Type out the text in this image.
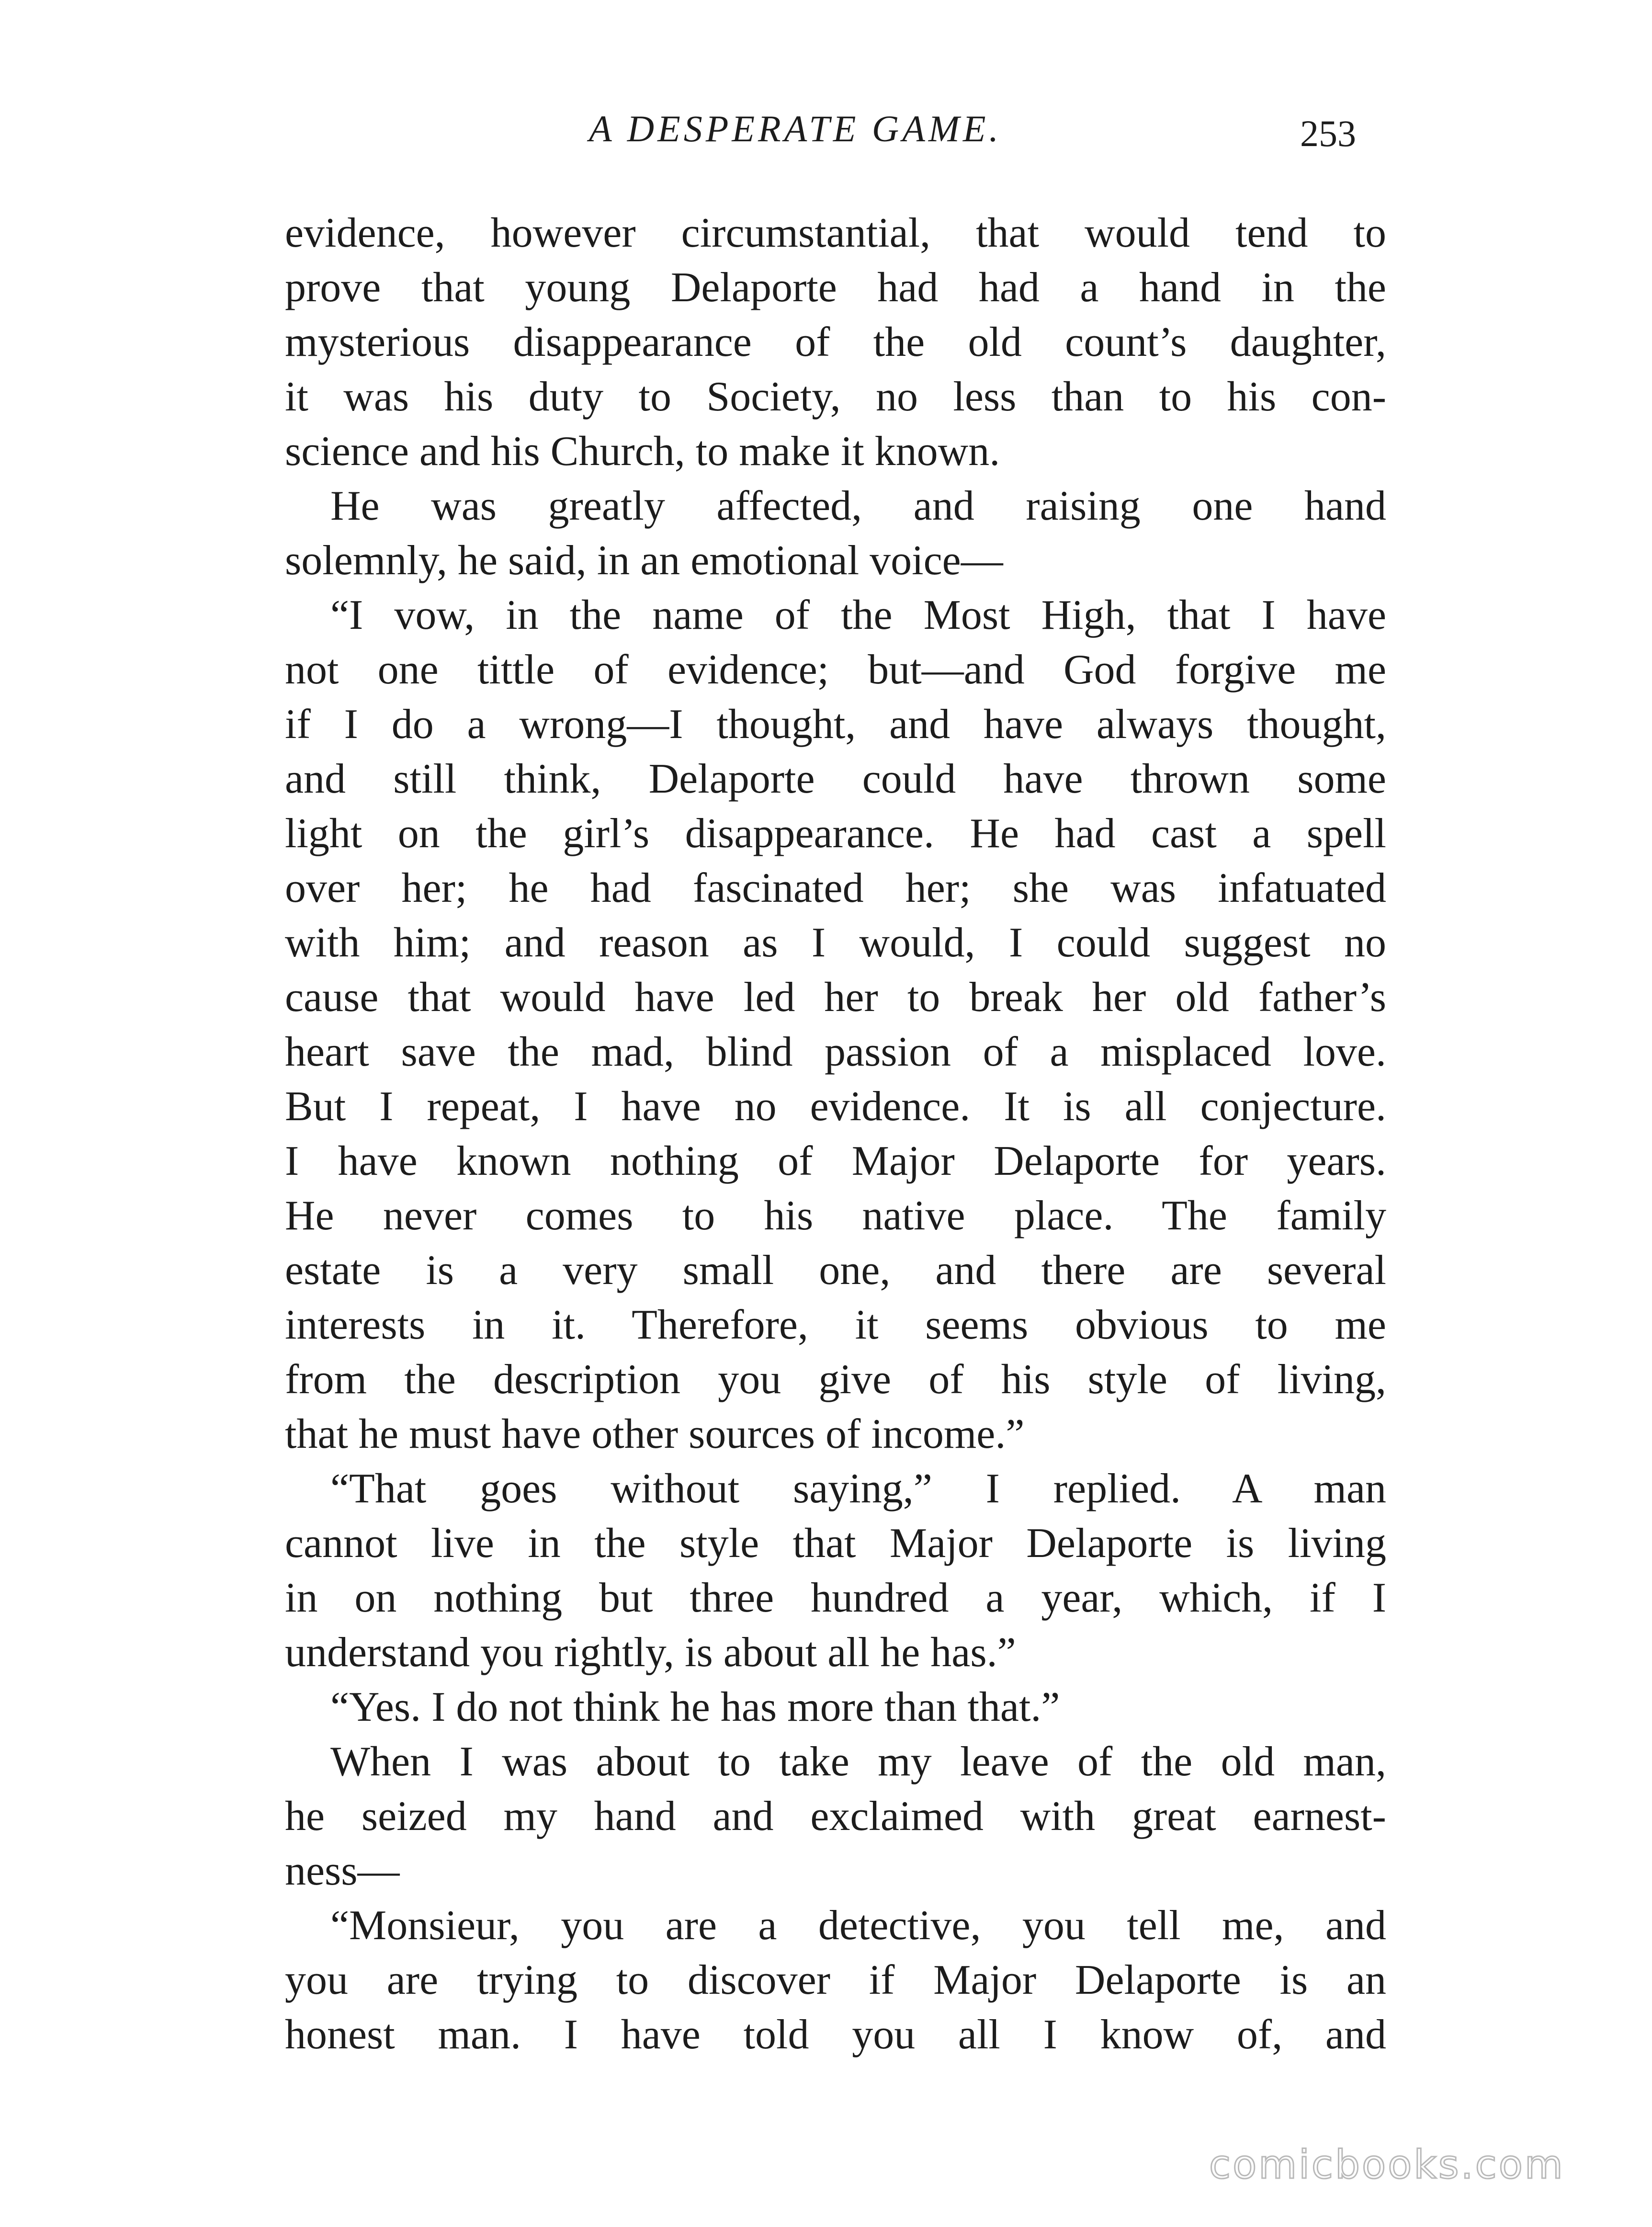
A DESPERATE GAME.	253
evidence, however circumstantial, that would tend to
prove that young Delaporte had had a hand in the
mysterious disappearance of the old count’s daughter,
it was his duty to Society, no less than to his con-
science and his Church, to make it known.
He was greatly affected, and raising one hand
solemnly, he said, in an emotional voice—
“I vow, in the name of the Most High, that I have
not one tittle of evidence; but—and God forgive me
if I do a wrong—I thought, and have always thought,
and still think, Delaporte could have thrown some
light on the girl’s disappearance. He had cast a spell
over her; he had fascinated her; she was infatuated
with him; and reason as I would, I could suggest no
cause that would have led her to break her old father’s
heart save the mad, blind passion of a misplaced love.
But I repeat, I have no evidence. It is all conjecture.
I have known nothing of Major Delaporte for years.
He never comes to his native place. The family
estate is a very small one, and there are several
interests in it. Therefore, it seems obvious to me
from the description you give of his style of living,
that he must have other sources of income.”
“That goes without saying,” I replied. A man
cannot live in the style that Major Delaporte is living
in on nothing but three hundred a year, which, if I
understand you rightly, is about all he has.”
“Yes. I do not think he has more than that.”
When I was about to take my leave of the old man,
he seized my hand and exclaimed with great earnest-
ness—
“Monsieur, you are a detective, you tell me, and
you are trying to discover if Major Delaporte is an
honest man. I have told you all I know of, and
comicbooks.com
